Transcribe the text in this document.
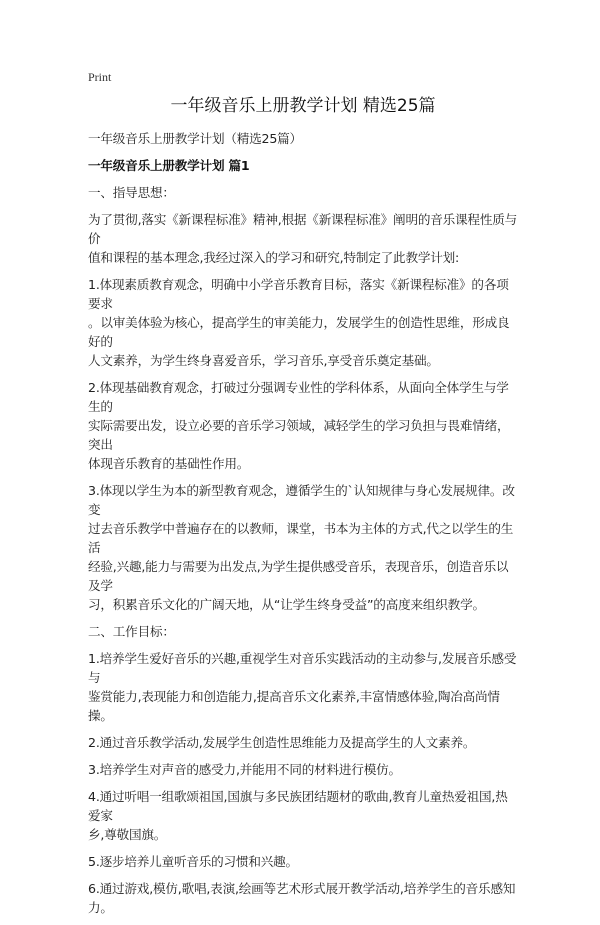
Print
一年级音乐上册教学计划 精选25篇
一年级音乐上册教学计划（精选25篇）
一年级音乐上册教学计划 篇1
一、指导思想：
为了贯彻,落实《新课程标准》精神,根据《新课程标准》阐明的音乐课程性质与价
值和课程的基本理念,我经过深入的学习和研究,特制定了此教学计划:
1.体现素质教育观念，明确中小学音乐教育目标，落实《新课程标准》的各项要求
。以审美体验为核心，提高学生的审美能力，发展学生的创造性思维，形成良好的
人文素养，为学生终身喜爱音乐，学习音乐,享受音乐奠定基础。
2.体现基础教育观念，打破过分强调专业性的学科体系，从面向全体学生与学生的
实际需要出发，设立必要的音乐学习领域，减轻学生的学习负担与畏难情绪，突出
体现音乐教育的基础性作用。
3.体现以学生为本的新型教育观念，遵循学生的`认知规律与身心发展规律。改变
过去音乐教学中普遍存在的以教师，课堂，书本为主体的方式,代之以学生的生活
经验,兴趣,能力与需要为出发点,为学生提供感受音乐，表现音乐，创造音乐以及学
习，积累音乐文化的广阔天地，从“让学生终身受益”的高度来组织教学。
二、工作目标：
1.培养学生爱好音乐的兴趣,重视学生对音乐实践活动的主动参与,发展音乐感受与
鉴赏能力,表现能力和创造能力,提高音乐文化素养,丰富情感体验,陶冶高尚情操。
2.通过音乐教学活动,发展学生创造性思维能力及提高学生的人文素养。
3.培养学生对声音的感受力,并能用不同的材料进行模仿。
4.通过听唱一组歌颂祖国,国旗与多民族团结题材的歌曲,教育儿童热爱祖国,热爱家
乡,尊敬国旗。
5.逐步培养儿童听音乐的习惯和兴趣。
6.通过游戏,模仿,歌唱,表演,绘画等艺术形式展开教学活动,培养学生的音乐感知力。
